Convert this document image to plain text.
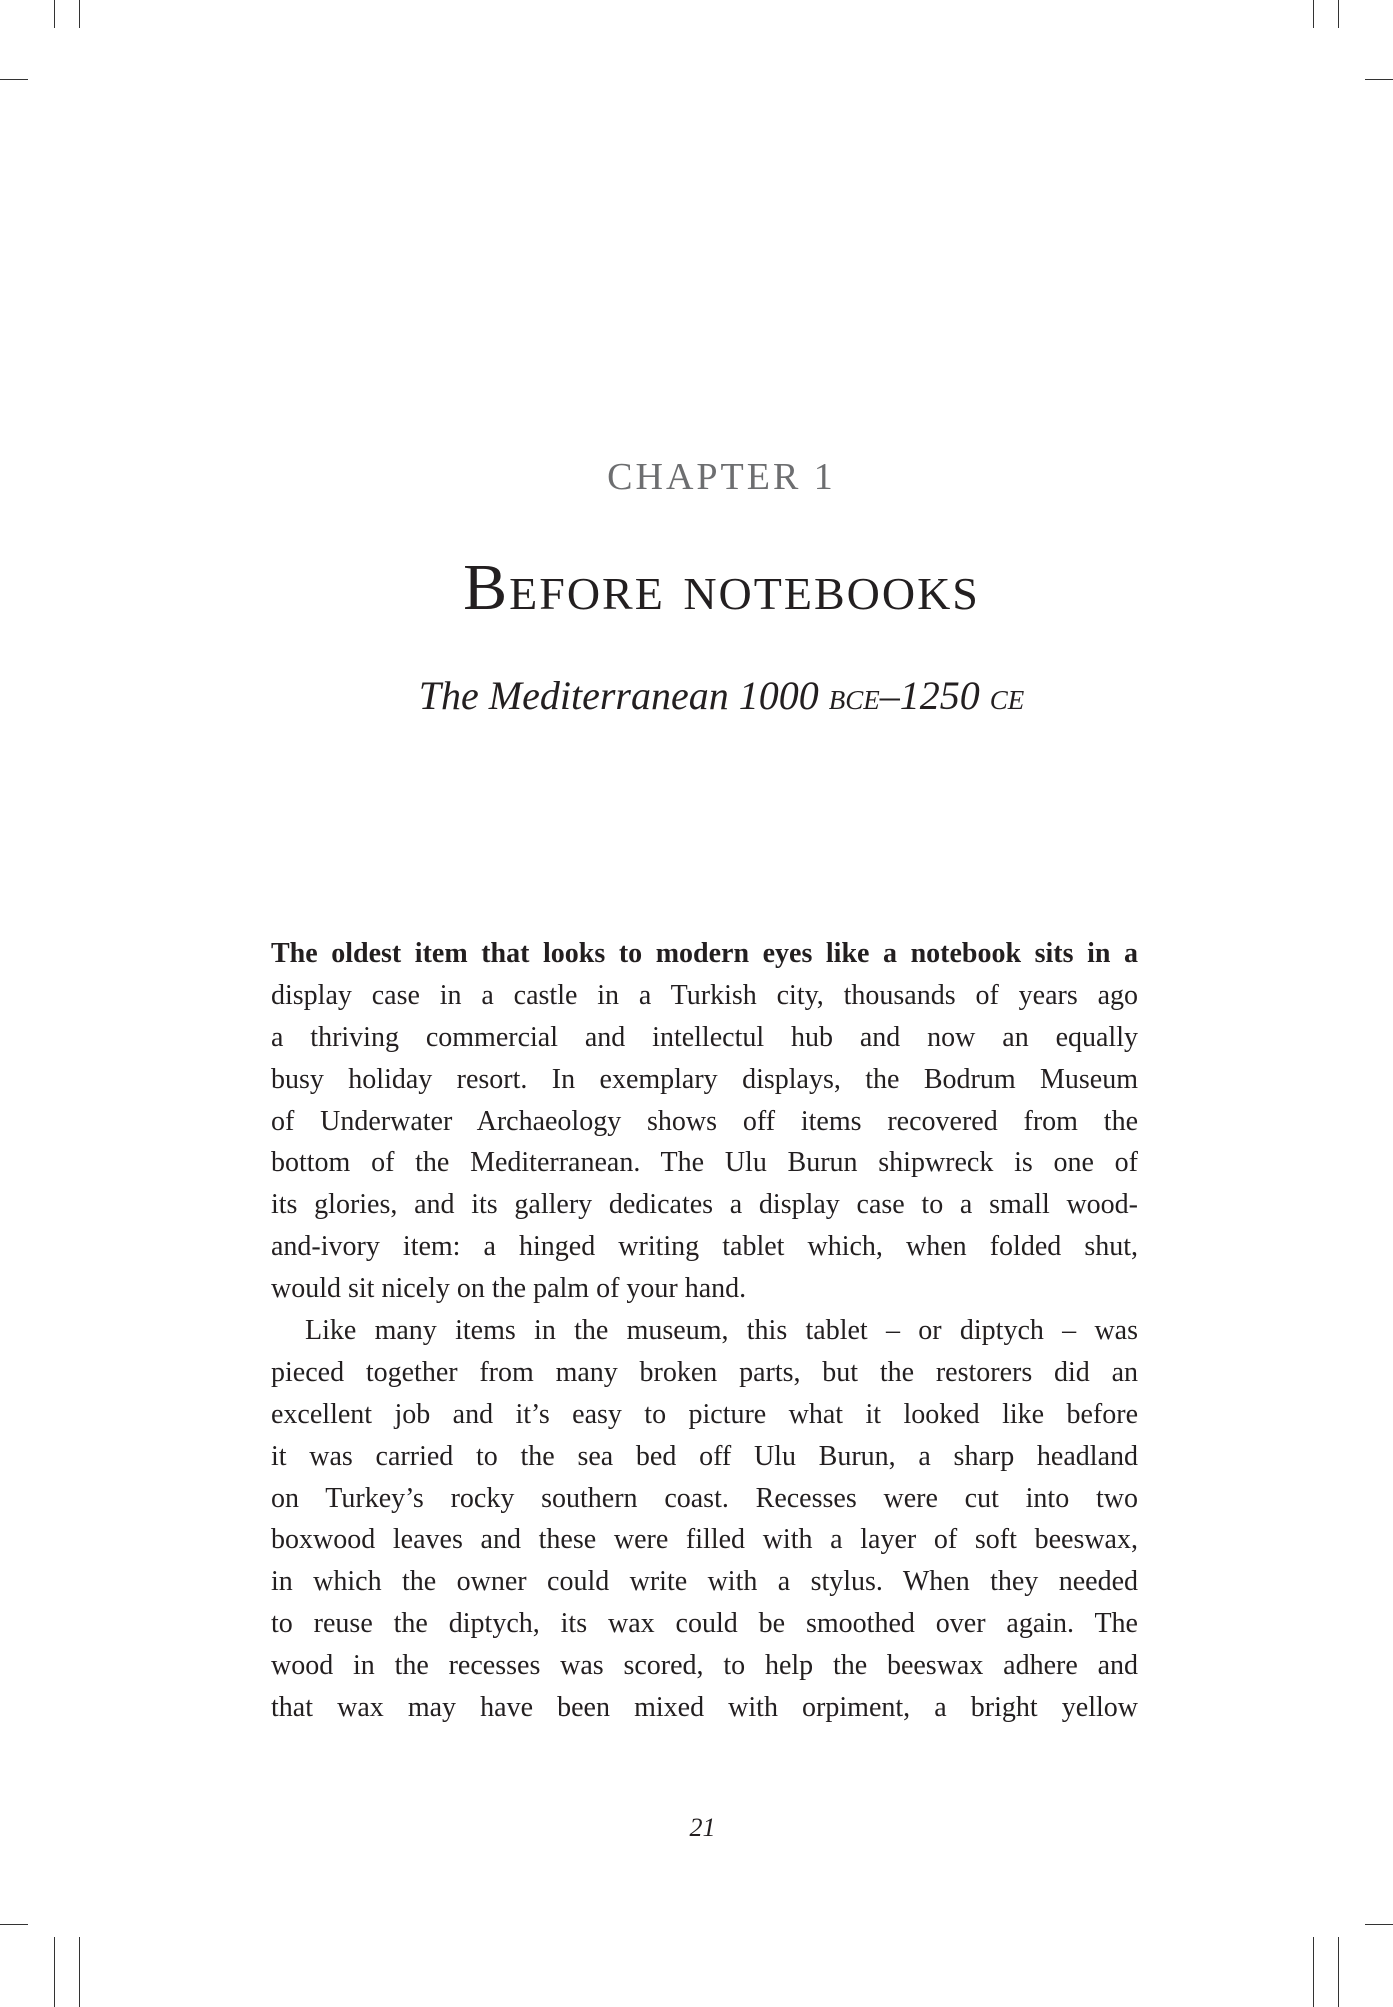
CHAPTER 1
Before notebooks
The Mediterranean 1000 bce–1250 ce
The oldest item that looks to modern eyes like a notebook sits in a
display case in a castle in a Turkish city, thousands of years ago
a thriving commercial and intellectul hub and now an equally
busy holiday resort. In exemplary displays, the Bodrum Museum
of Underwater Archaeology shows off items recovered from the
bottom of the Mediterranean. The Ulu Burun shipwreck is one of
its glories, and its gallery dedicates a display case to a small wood-
and-ivory item: a hinged writing tablet which, when folded shut,
would sit nicely on the palm of your hand.
Like many items in the museum, this tablet – or diptych – was
pieced together from many broken parts, but the restorers did an
excellent job and it’s easy to picture what it looked like before
it was carried to the sea bed off Ulu Burun, a sharp headland
on Turkey’s rocky southern coast. Recesses were cut into two
boxwood leaves and these were filled with a layer of soft beeswax,
in which the owner could write with a stylus. When they needed
to reuse the diptych, its wax could be smoothed over again. The
wood in the recesses was scored, to help the beeswax adhere and
that wax may have been mixed with orpiment, a bright yellow
21
